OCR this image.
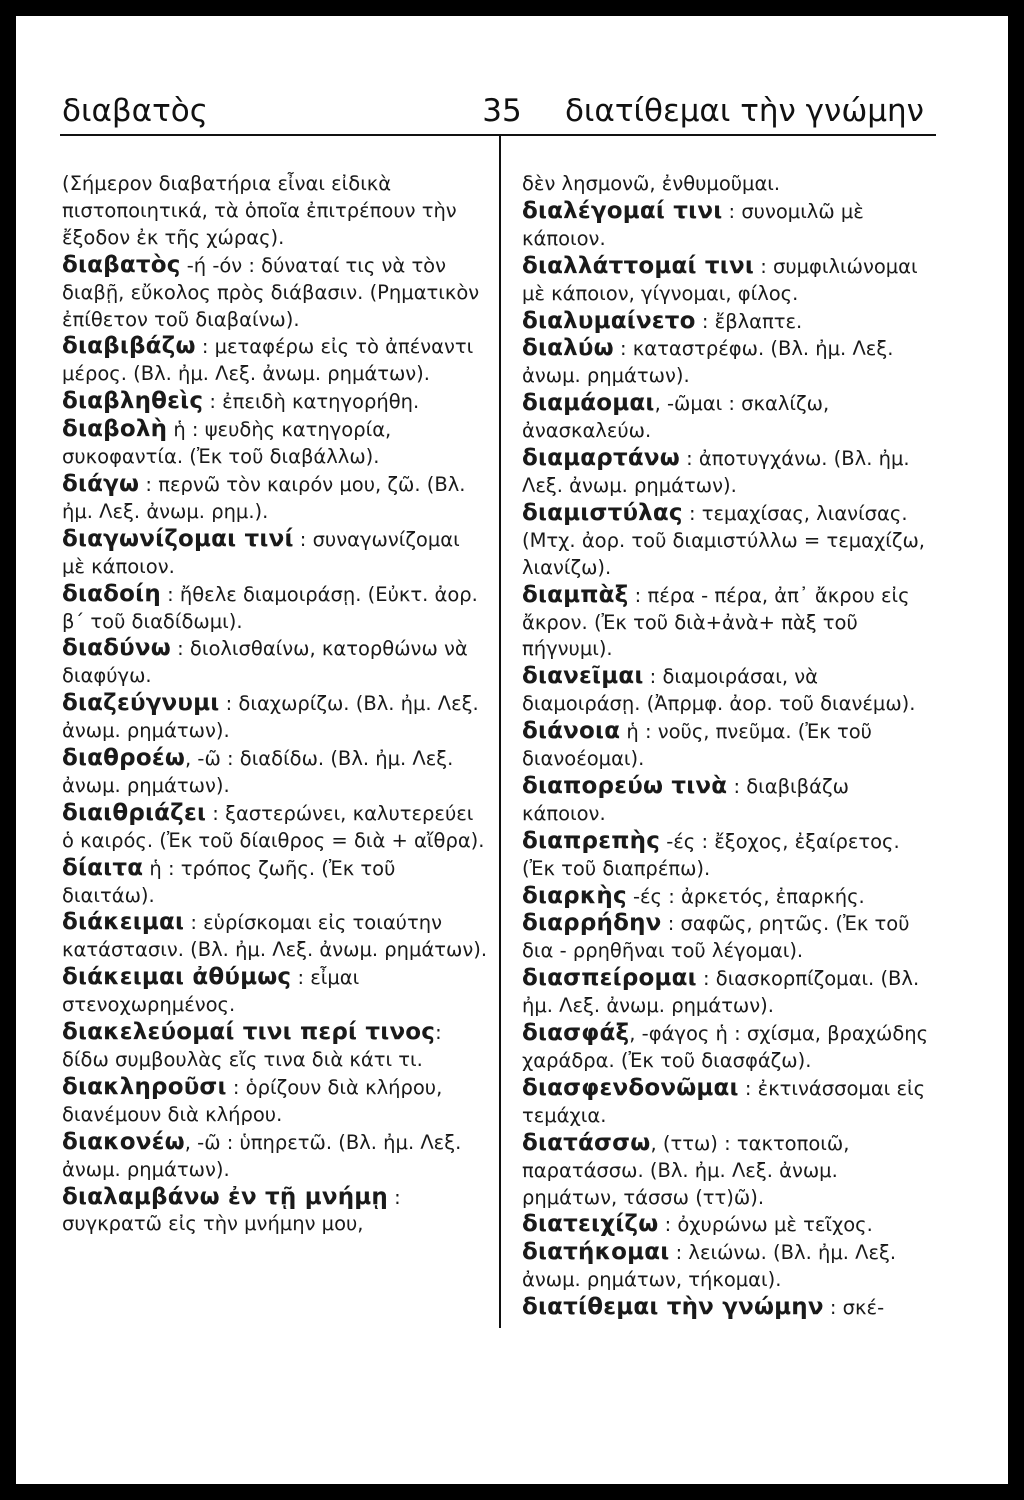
διαβατὸς	35	διατίθεμαι τὴν γνώμην

(Σήμερον διαβατήρια εἶναι εἰδικὰ πιστοποιητικά, τὰ ὁποῖα ἐπιτρέπουν τὴν ἔξοδον ἐκ τῆς χώρας).

διαβατὸς -ή -όν : δύναταί τις νὰ τὸν διαβῇ, εὔκολος πρὸς διάβασιν. (Ρηματικὸν ἐπίθετον τοῦ διαβαίνω).

διαβιβάζω : μεταφέρω εἰς τὸ ἀπέναντι μέρος. (Βλ. ἠμ. Λεξ. ἀνωμ. ρημάτων).

διαβληθεὶς : ἐπειδὴ κατηγορήθη.

διαβολὴ ἡ : ψευδὴς κατηγορία, συκοφαντία. (Ἐκ τοῦ διαβάλλω).

διάγω : περνῶ τὸν καιρόν μου, ζῶ. (Βλ. ἠμ. Λεξ. ἀνωμ. ρημ.).

διαγωνίζομαι τινί : συναγωνίζομαι μὲ κάποιον.

διαδοίη : ἤθελε διαμοιράσῃ. (Εὐκτ. ἀορ. β΄ τοῦ διαδίδωμι).

διαδύνω : διολισθαίνω, κατορθώνω νὰ διαφύγω.

διαζεύγνυμι : διαχωρίζω. (Βλ. ἠμ. Λεξ. ἀνωμ. ρημάτων).

διαθροέω, -ῶ : διαδίδω. (Βλ. ἠμ. Λεξ. ἀνωμ. ρημάτων).

διαιθριάζει : ξαστερώνει, καλυτερεύει ὁ καιρός. (Ἐκ τοῦ δίαιθρος = διὰ + αἴθρα).

δίαιτα ἡ : τρόπος ζωῆς. (Ἐκ τοῦ διαιτάω).

διάκειμαι : εὑρίσκομαι εἰς τοιαύτην κατάστασιν. (Βλ. ἠμ. Λεξ. ἀνωμ. ρημάτων).

διάκειμαι ἀθύμως : εἶμαι στενοχωρημένος.

διακελεύομαί τινι περί τινος: δίδω συμβουλὰς εἴς τινα διὰ κάτι τι.

διακληροῦσι : ὁρίζουν διὰ κλήρου, διανέμουν διὰ κλήρου.

διακονέω, -ῶ : ὑπηρετῶ. (Βλ. ἠμ. Λεξ. ἀνωμ. ρημάτων).

διαλαμβάνω ἐν τῇ μνήμῃ : συγκρατῶ εἰς τὴν μνήμην μου,

δὲν λησμονῶ, ἐνθυμοῦμαι.

διαλέγομαί τινι : συνομιλῶ μὲ κάποιον.

διαλλάττομαί τινι : συμφιλιώνομαι μὲ κάποιον, γίγνομαι, φίλος.

διαλυμαίνετο : ἔβλαπτε.

διαλύω : καταστρέφω. (Βλ. ἠμ. Λεξ. ἀνωμ. ρημάτων).

διαμάομαι, -ῶμαι : σκαλίζω, ἀνασκαλεύω.

διαμαρτάνω : ἀποτυγχάνω. (Βλ. ἠμ. Λεξ. ἀνωμ. ρημάτων).

διαμιστύλας : τεμαχίσας, λιανίσας. (Μτχ. ἀορ. τοῦ διαμιστύλλω = τεμαχίζω, λιανίζω).

διαμπὰξ : πέρα - πέρα, ἀπ᾽ ἄκρου εἰς ἄκρον. (Ἐκ τοῦ διὰ+ἀνὰ+ πὰξ τοῦ πήγνυμι).

διανεῖμαι : διαμοιράσαι, νὰ διαμοιράσῃ. (Ἀπρμφ. ἀορ. τοῦ διανέμω).

διάνοια ἡ : νοῦς, πνεῦμα. (Ἐκ τοῦ διανοέομαι).

διαπορεύω τινὰ : διαβιβάζω κάποιον.

διαπρεπὴς -ές : ἔξοχος, ἐξαίρετος. (Ἐκ τοῦ διαπρέπω).

διαρκὴς -ές : ἀρκετός, ἐπαρκής.

διαρρήδην : σαφῶς, ρητῶς. (Ἐκ τοῦ δια - ρρηθῆναι τοῦ λέγομαι).

διασπείρομαι : διασκορπίζομαι. (Βλ. ἠμ. Λεξ. ἀνωμ. ρημάτων).

διασφάξ, -φάγος ἡ : σχίσμα, βραχώδης χαράδρα. (Ἐκ τοῦ διασφάζω).

διασφενδονῶμαι : ἐκτινάσσομαι εἰς τεμάχια.

διατάσσω, (ττω) : τακτοποιῶ, παρατάσσω. (Βλ. ἠμ. Λεξ. ἀνωμ. ρημάτων, τάσσω (ττ)ῶ).

διατειχίζω : ὀχυρώνω μὲ τεῖχος.

διατήκομαι : λειώνω. (Βλ. ἠμ. Λεξ. ἀνωμ. ρημάτων, τήκομαι).

διατίθεμαι τὴν γνώμην : σκέ-
